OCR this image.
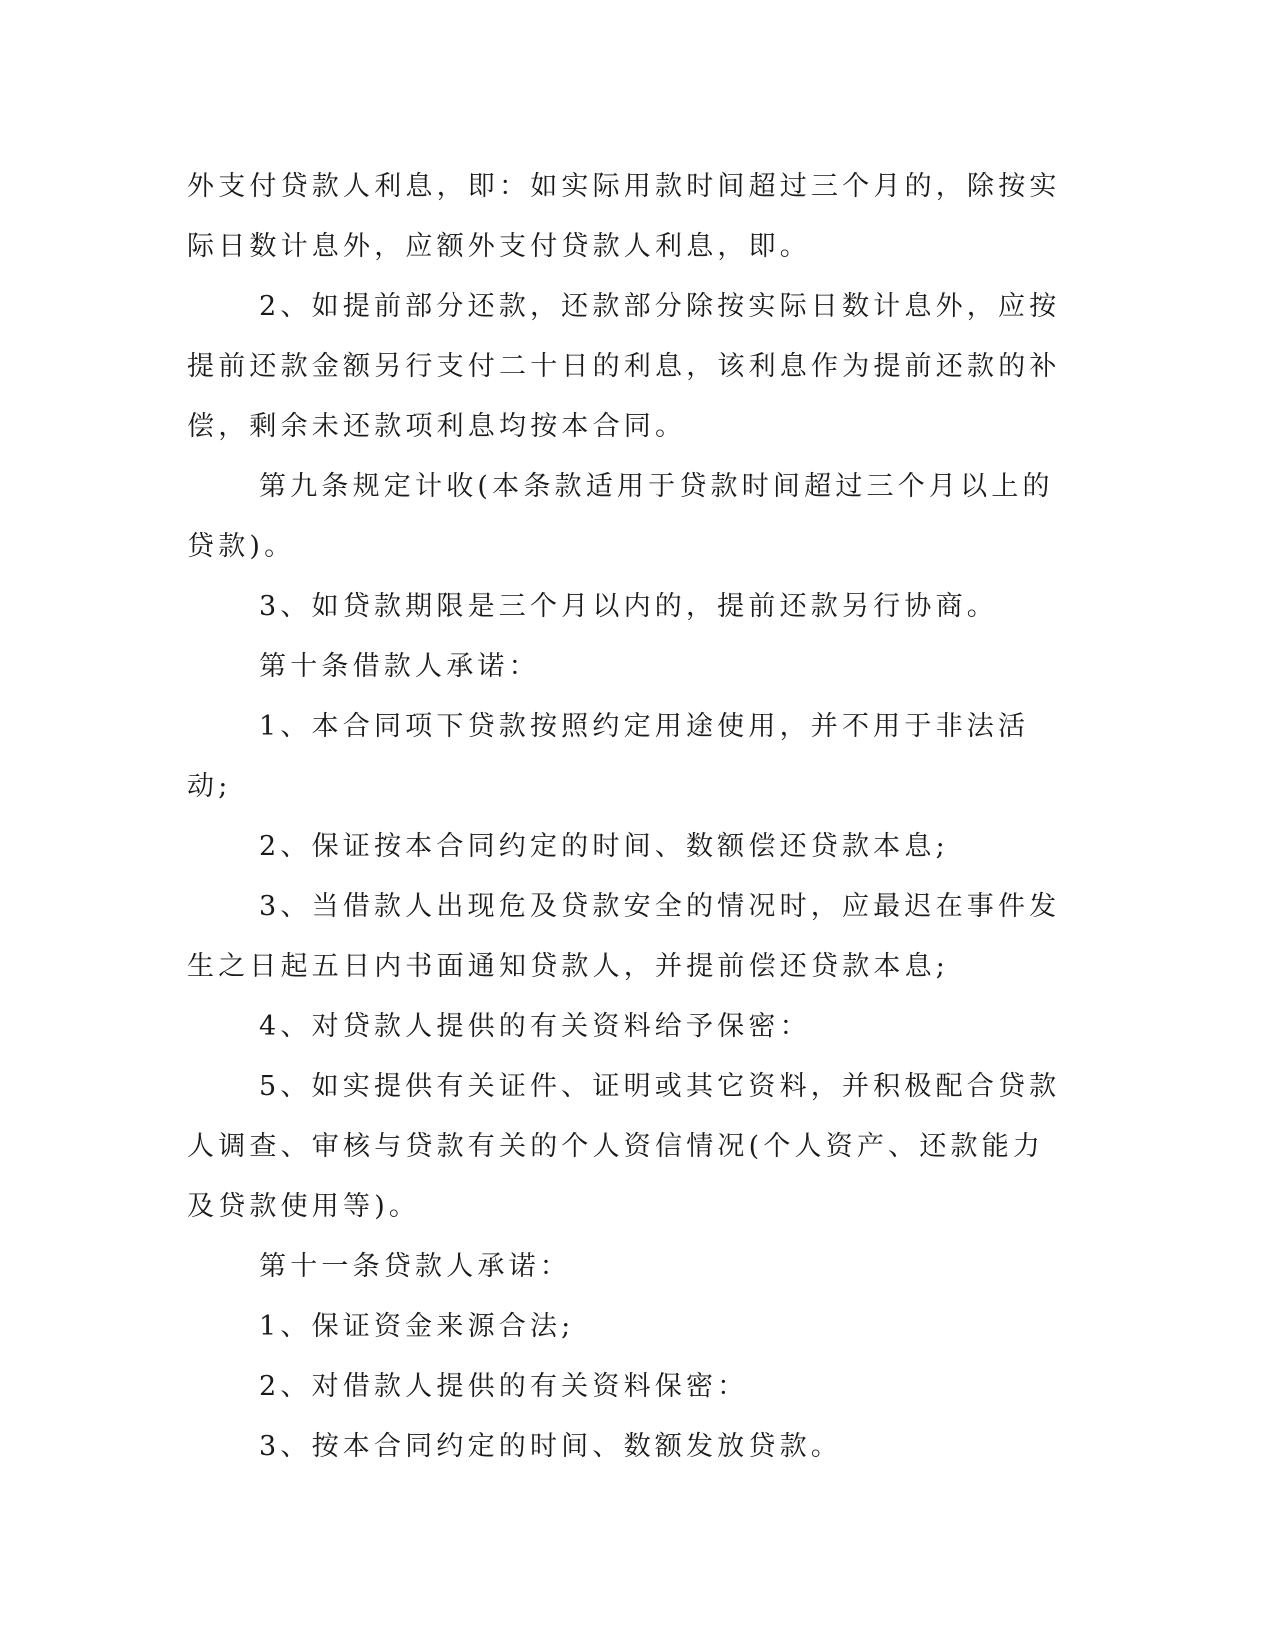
外支付贷款人利息，即：如实际用款时间超过三个月的，除按实际日数计息外，应额外支付贷款人利息，即。

2、如提前部分还款，还款部分除按实际日数计息外，应按提前还款金额另行支付二十日的利息，该利息作为提前还款的补偿，剩余未还款项利息均按本合同。

第九条规定计收(本条款适用于贷款时间超过三个月以上的贷款)。

3、如贷款期限是三个月以内的，提前还款另行协商。

第十条借款人承诺：

1、本合同项下贷款按照约定用途使用，并不用于非法活动;

2、保证按本合同约定的时间、数额偿还贷款本息;

3、当借款人出现危及贷款安全的情况时，应最迟在事件发生之日起五日内书面通知贷款人，并提前偿还贷款本息;

4、对贷款人提供的有关资料给予保密：

5、如实提供有关证件、证明或其它资料，并积极配合贷款人调查、审核与贷款有关的个人资信情况(个人资产、还款能力及贷款使用等)。

第十一条贷款人承诺：

1、保证资金来源合法;

2、对借款人提供的有关资料保密：

3、按本合同约定的时间、数额发放贷款。
